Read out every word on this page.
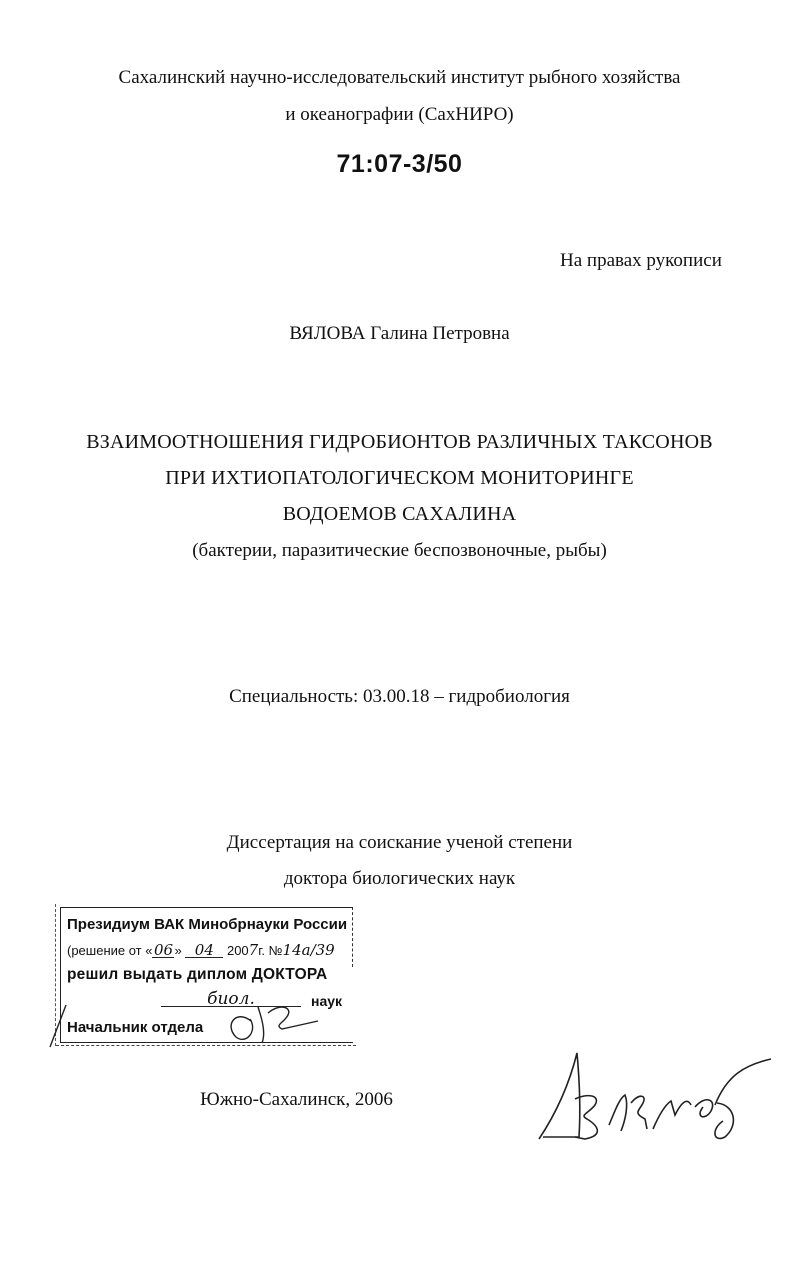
Сахалинский научно-исследовательский институт рыбного хозяйства
и океанографии (СахНИРО)
71:07-3/50
На правах рукописи
ВЯЛОВА Галина Петровна
ВЗАИМООТНОШЕНИЯ ГИДРОБИОНТОВ РАЗЛИЧНЫХ ТАКСОНОВ
ПРИ ИХТИОПАТОЛОГИЧЕСКОМ МОНИТОРИНГЕ
ВОДОЕМОВ САХАЛИНА
(бактерии, паразитические беспозвоночные, рыбы)
Специальность: 03.00.18 – гидробиология
Диссертация на соискание ученой степени
доктора биологических наук
Президиум ВАК Минобрнауки России
(решение от «06» 04 2007г. №14а/39
решил выдать диплом ДОКТОРА
биол.	наук
Начальник отдела
Южно-Сахалинск, 2006
